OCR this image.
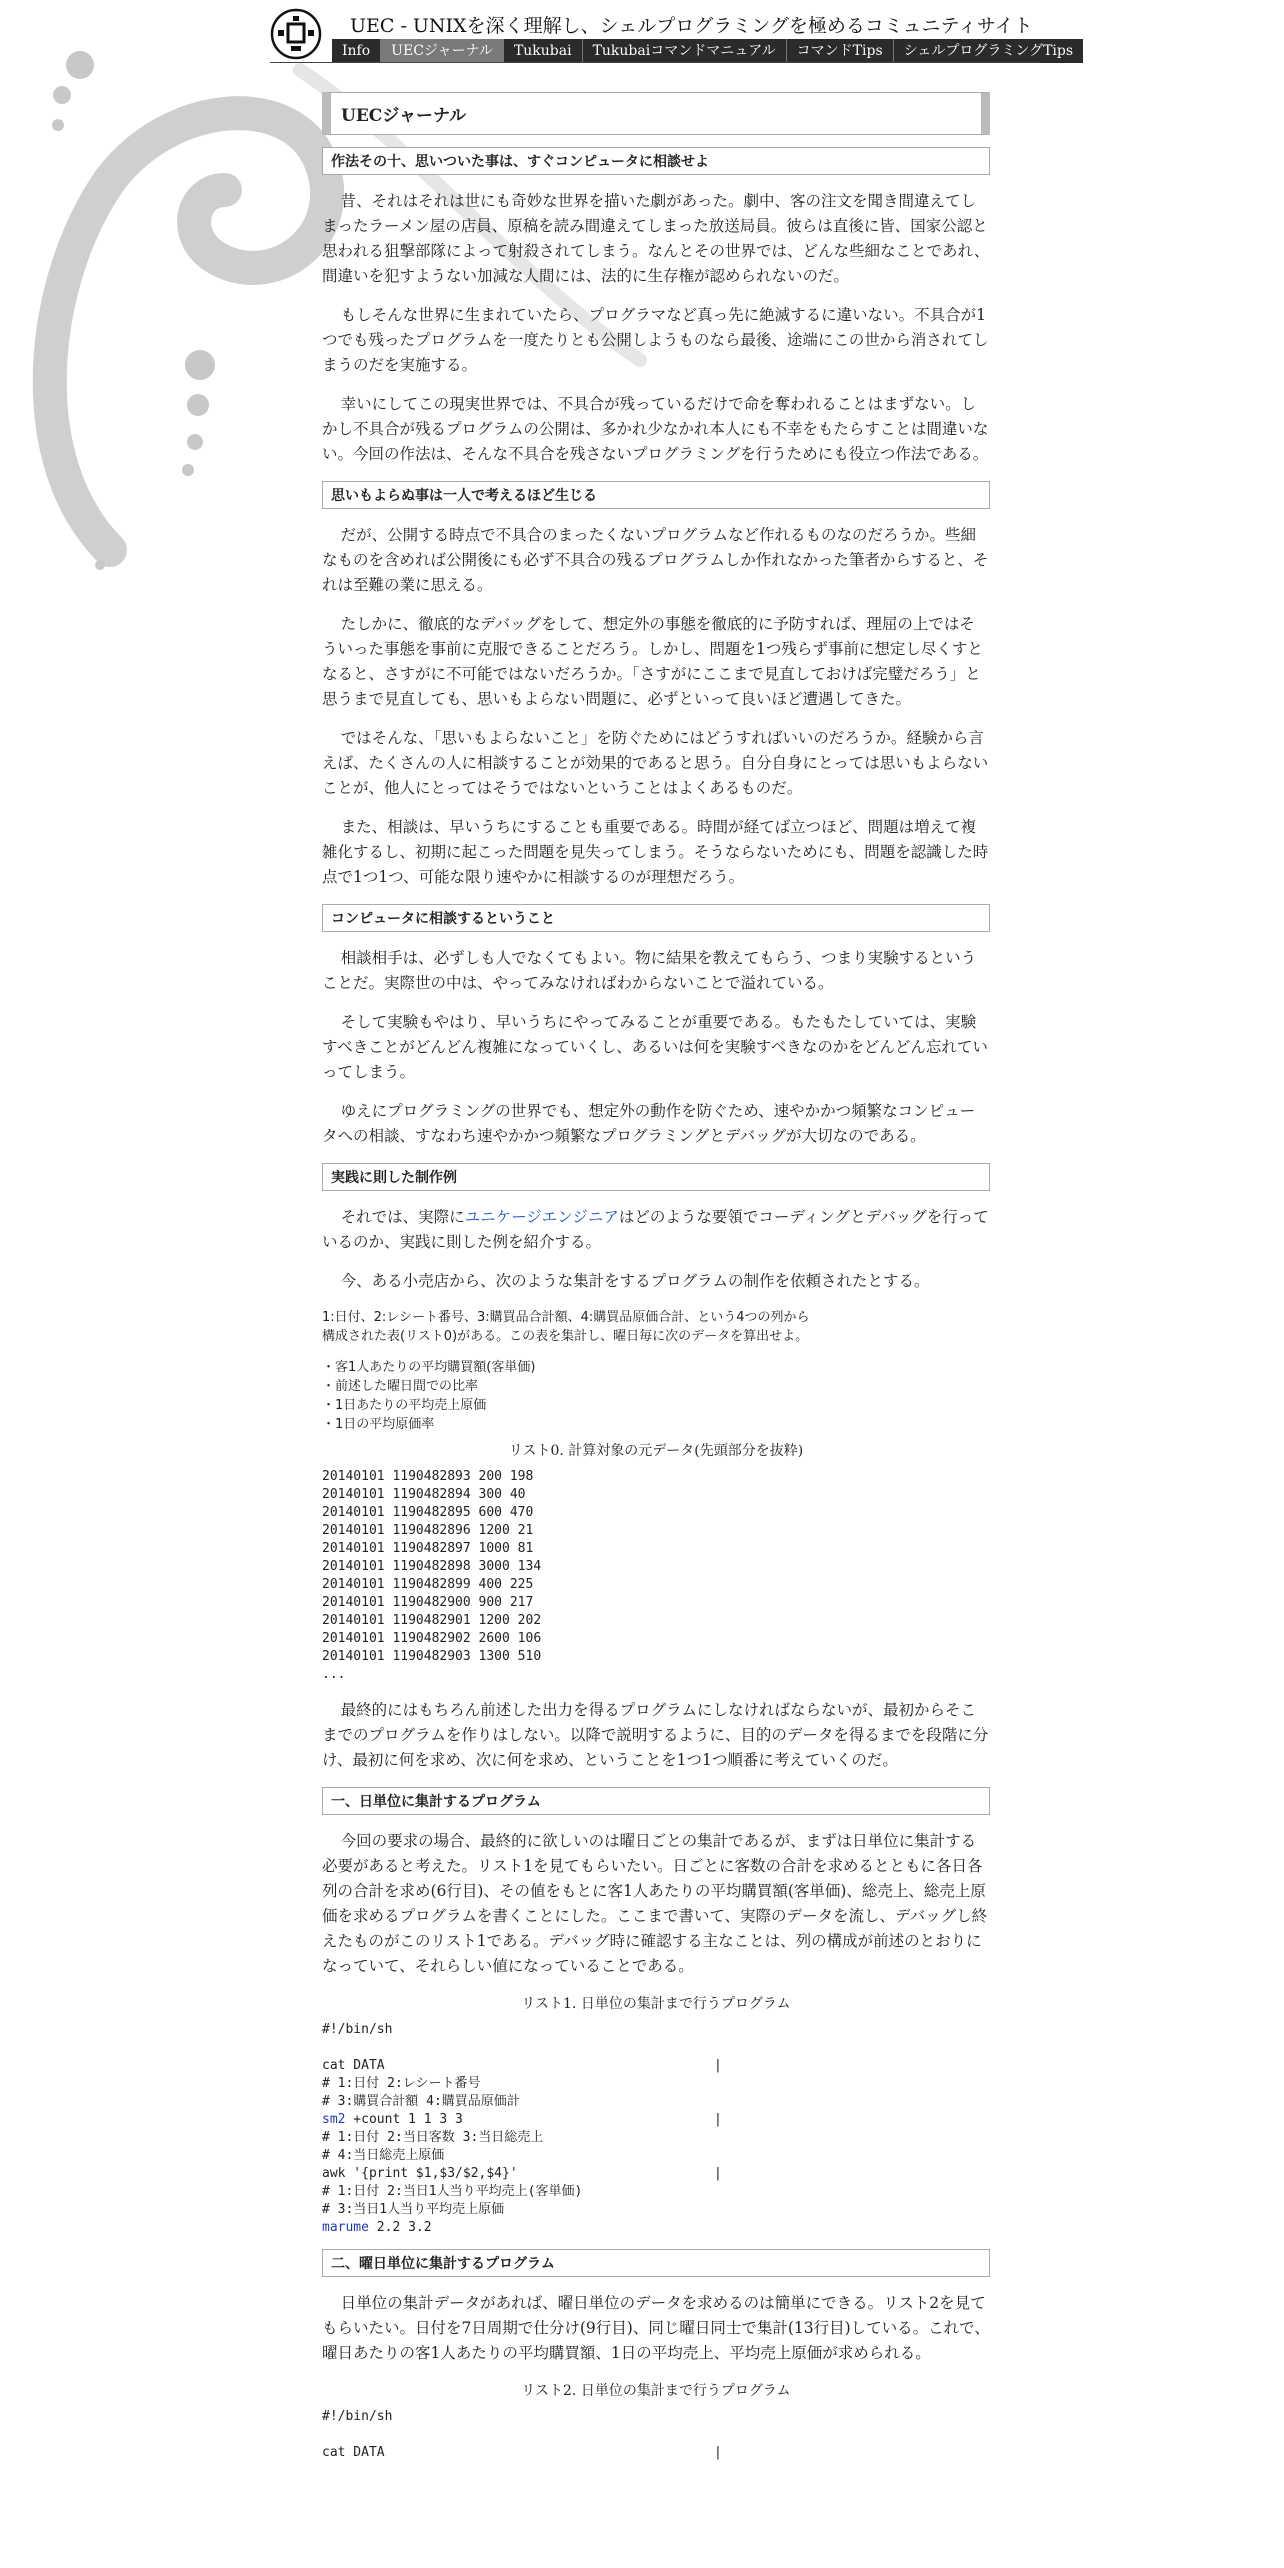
UEC - UNIXを深く理解し、シェルプログラミングを極めるコミュニティサイト
Info	UECジャーナル	Tukubai	Tukubaiコマンドマニュアル	コマンドTips	シェルプログラミングTips
UECジャーナル
作法その十、思いついた事は、すぐコンピュータに相談せよ

昔、それはそれは世にも奇妙な世界を描いた劇があった。劇中、客の注文を聞き間違えてしまったラーメン屋の店員、原稿を読み間違えてしまった放送局員。彼らは直後に皆、国家公認と思われる狙撃部隊によって射殺されてしまう。なんとその世界では、どんな些細なことであれ、間違いを犯すようない加減な人間には、法的に生存権が認められないのだ。

もしそんな世界に生まれていたら、プログラマなど真っ先に絶滅するに違いない。不具合が1つでも残ったプログラムを一度たりとも公開しようものなら最後、途端にこの世から消されてしまうのだを実施する。

幸いにしてこの現実世界では、不具合が残っているだけで命を奪われることはまずない。しかし不具合が残るプログラムの公開は、多かれ少なかれ本人にも不幸をもたらすことは間違いない。今回の作法は、そんな不具合を残さないプログラミングを行うためにも役立つ作法である。

思いもよらぬ事は一人で考えるほど生じる

だが、公開する時点で不具合のまったくないプログラムなど作れるものなのだろうか。些細なものを含めれば公開後にも必ず不具合の残るプログラムしか作れなかった筆者からすると、それは至難の業に思える。

たしかに、徹底的なデバッグをして、想定外の事態を徹底的に予防すれば、理屈の上ではそういった事態を事前に克服できることだろう。しかし、問題を1つ残らず事前に想定し尽くすとなると、さすがに不可能ではないだろうか。「さすがにここまで見直しておけば完璧だろう」と思うまで見直しても、思いもよらない問題に、必ずといって良いほど遭遇してきた。

ではそんな、「思いもよらないこと」を防ぐためにはどうすればいいのだろうか。経験から言えば、たくさんの人に相談することが効果的であると思う。自分自身にとっては思いもよらないことが、他人にとってはそうではないということはよくあるものだ。

また、相談は、早いうちにすることも重要である。時間が経てば立つほど、問題は増えて複雑化するし、初期に起こった問題を見失ってしまう。そうならないためにも、問題を認識した時点で1つ1つ、可能な限り速やかに相談するのが理想だろう。

コンピュータに相談するということ

相談相手は、必ずしも人でなくてもよい。物に結果を教えてもらう、つまり実験するということだ。実際世の中は、やってみなければわからないことで溢れている。

そして実験もやはり、早いうちにやってみることが重要である。もたもたしていては、実験すべきことがどんどん複雑になっていくし、あるいは何を実験すべきなのかをどんどん忘れていってしまう。

ゆえにプログラミングの世界でも、想定外の動作を防ぐため、速やかかつ頻繁なコンピュータへの相談、すなわち速やかかつ頻繁なプログラミングとデバッグが大切なのである。

実践に則した制作例

それでは、実際にユニケージエンジニアはどのような要領でコーディングとデバッグを行っているのか、実践に則した例を紹介する。

今、ある小売店から、次のような集計をするプログラムの制作を依頼されたとする。

1:日付、2:レシート番号、3:購買品合計額、4:購買品原価合計、という4つの列から
構成された表(リスト0)がある。この表を集計し、曜日毎に次のデータを算出せよ。
・客1人あたりの平均購買額(客単価)
・前述した曜日間での比率
・1日あたりの平均売上原価
・1日の平均原価率
リスト0. 計算対象の元データ(先頭部分を抜粋)
20140101 1190482893 200 198
20140101 1190482894 300 40
20140101 1190482895 600 470
20140101 1190482896 1200 21
20140101 1190482897 1000 81
20140101 1190482898 3000 134
20140101 1190482899 400 225
20140101 1190482900 900 217
20140101 1190482901 1200 202
20140101 1190482902 2600 106
20140101 1190482903 1300 510
...

最終的にはもちろん前述した出力を得るプログラムにしなければならないが、最初からそこまでのプログラムを作りはしない。以降で説明するように、目的のデータを得るまでを段階に分け、最初に何を求め、次に何を求め、ということを1つ1つ順番に考えていくのだ。

一、日単位に集計するプログラム

今回の要求の場合、最終的に欲しいのは曜日ごとの集計であるが、まずは日単位に集計する必要があると考えた。リスト1を見てもらいたい。日ごとに客数の合計を求めるとともに各日各列の合計を求め(6行目)、その値をもとに客1人あたりの平均購買額(客単価)、総売上、総売上原価を求めるプログラムを書くことにした。ここまで書いて、実際のデータを流し、デバッグし終えたものがこのリスト1である。デバッグ時に確認する主なことは、列の構成が前述のとおりになっていて、それらしい値になっていることである。

リスト1. 日単位の集計まで行うプログラム
#!/bin/sh
cat DATA	|
# 1:日付 2:レシート番号
# 3:購買合計額 4:購買品原価計
sm2 +count 1 1 3 3	|
# 1:日付 2:当日客数 3:当日総売上
# 4:当日総売上原価
awk '{print $1,$3/$2,$4}'	|
# 1:日付 2:当日1人当り平均売上(客単価)
# 3:当日1人当り平均売上原価
marume 2.2 3.2
二、曜日単位に集計するプログラム

日単位の集計データがあれば、曜日単位のデータを求めるのは簡単にできる。リスト2を見てもらいたい。日付を7日周期で仕分け(9行目)、同じ曜日同士で集計(13行目)している。これで、曜日あたりの客1人あたりの平均購買額、1日の平均売上、平均売上原価が求められる。

リスト2. 日単位の集計まで行うプログラム
#!/bin/sh
cat DATA	|
